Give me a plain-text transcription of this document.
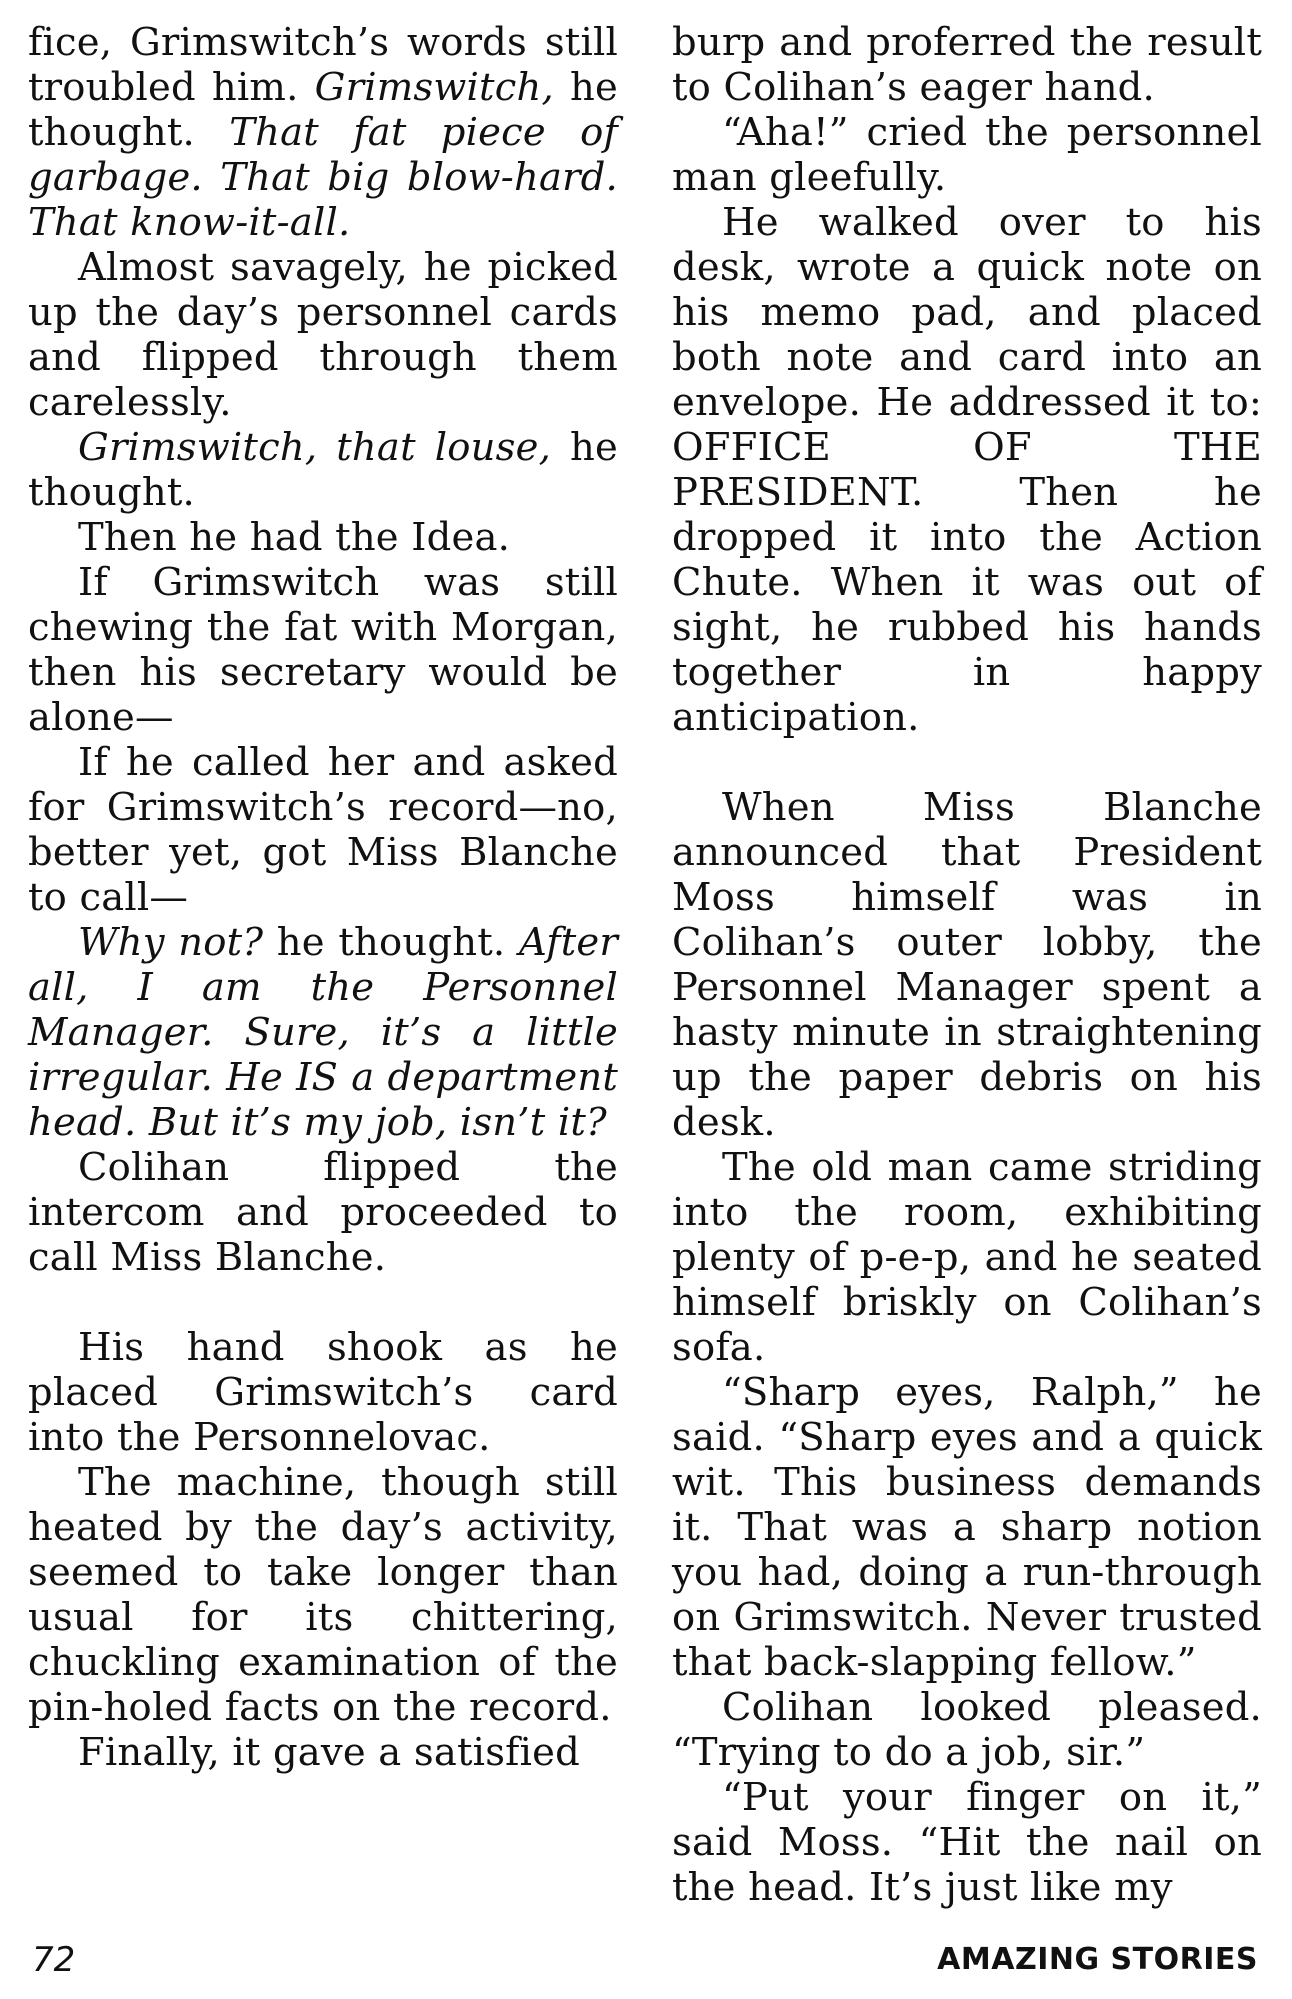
fice, Grimswitch’s words still troubled him. Grimswitch, he thought. That fat piece of garbage. That big blow-hard. That know-it-all.

Almost savagely, he picked up the day’s personnel cards and flipped through them carelessly.

Grimswitch, that louse, he thought.

Then he had the Idea.

If Grimswitch was still chewing the fat with Morgan, then his secretary would be alone—

If he called her and asked for Grimswitch’s record—no, better yet, got Miss Blanche to call—

Why not? he thought. After all, I am the Personnel Manager. Sure, it’s a little irregular. He IS a department head. But it’s my job, isn’t it?

Colihan flipped the intercom and proceeded to call Miss Blanche.

His hand shook as he placed Grimswitch’s card into the Personnelovac.

The machine, though still heated by the day’s activity, seemed to take longer than usual for its chittering, chuckling examination of the pin-holed facts on the record.

Finally, it gave a satisfied

burp and proferred the result to Colihan’s eager hand.

“Aha!” cried the personnel man gleefully.

He walked over to his desk, wrote a quick note on his memo pad, and placed both note and card into an envelope. He addressed it to: OFFICE OF THE PRESIDENT. Then he dropped it into the Action Chute. When it was out of sight, he rubbed his hands together in happy anticipation.

When Miss Blanche announced that President Moss himself was in Colihan’s outer lobby, the Personnel Manager spent a hasty minute in straightening up the paper debris on his desk.

The old man came striding into the room, exhibiting plenty of p-e-p, and he seated himself briskly on Colihan’s sofa.

“Sharp eyes, Ralph,” he said. “Sharp eyes and a quick wit. This business demands it. That was a sharp notion you had, doing a run-through on Grimswitch. Never trusted that back-slapping fellow.”

Colihan looked pleased. “Trying to do a job, sir.”

“Put your finger on it,” said Moss. “Hit the nail on the head. It’s just like my

72	AMAZING STORIES
